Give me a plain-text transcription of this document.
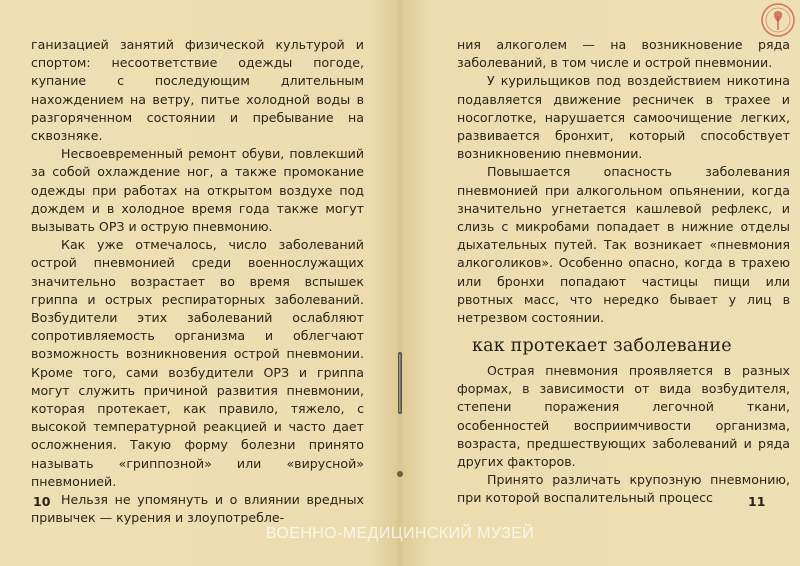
ганизацией занятий физической культурой и спортом: несоответствие одежды погоде, купание с последующим длительным нахождением на ветру, питье холодной воды в разгоряченном состоянии и пребывание на сквозняке.

Несвоевременный ремонт обуви, повлекший за собой охлаждение ног, а также промокание одежды при работах на открытом воздухе под дождем и в холодное время года также могут вызывать ОРЗ и острую пневмонию.

Как уже отмечалось, число заболеваний острой пневмонией среди военнослужащих значительно возрастает во время вспышек гриппа и острых респираторных заболеваний. Возбудители этих заболеваний ослабляют сопротивляемость организма и облегчают возможность возникновения острой пневмонии. Кроме того, сами возбудители ОРЗ и гриппа могут служить причиной развития пневмонии, которая протекает, как правило, тяжело, с высокой температурной реакцией и часто дает осложнения. Такую форму болезни принято называть «гриппозной» или «вирусной» пневмонией.

Нельзя не упомянуть и о влиянии вредных привычек — курения и злоупотребле-

10

ния алкоголем — на возникновение ряда заболеваний, в том числе и острой пневмонии.

У курильщиков под воздействием никотина подавляется движение ресничек в трахее и носоглотке, нарушается самоочищение легких, развивается бронхит, который способствует возникновению пневмонии.

Повышается опасность заболевания пневмонией при алкогольном опьянении, когда значительно угнетается кашлевой рефлекс, и слизь с микробами попадает в нижние отделы дыхательных путей. Так возникает «пневмония алкоголиков». Особенно опасно, когда в трахею или бронхи попадают частицы пищи или рвотных масс, что нередко бывает у лиц в нетрезвом состоянии.

как протекает заболевание

Острая пневмония проявляется в разных формах, в зависимости от вида возбудителя, степени поражения легочной ткани, особенностей восприимчивости организма, возраста, предшествующих заболеваний и ряда других факторов.

Принято различать крупозную пневмонию, при которой воспалительный процесс	11
ВОЕННО-МЕДИЦИНСКИЙ МУЗЕЙ
